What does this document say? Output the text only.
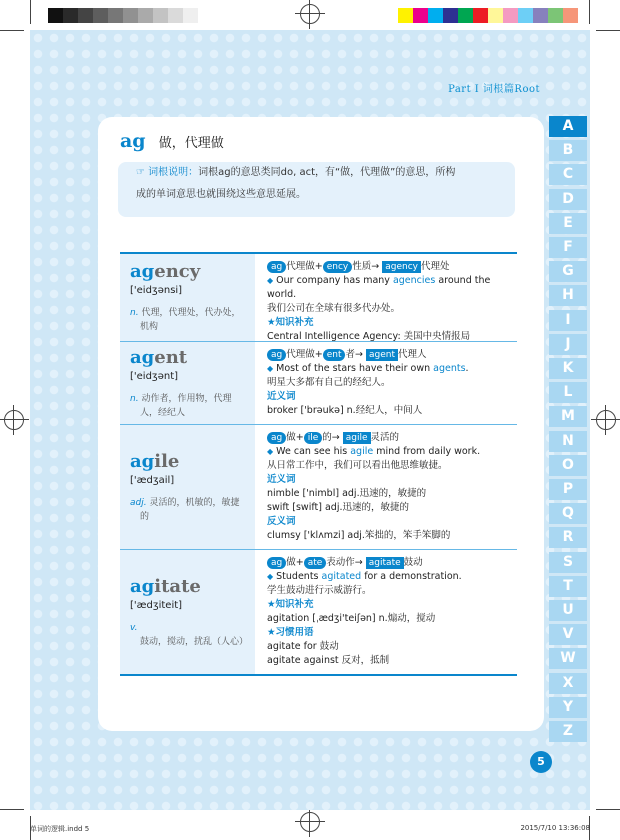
Part Ⅰ 词根篇Root
ag 做，代理做
☞ 词根说明：词根ag的意思类同do, act，有“做，代理做”的意思，所构
成的单词意思也就围绕这些意思延展。
agency
['eidʒənsi]
n. 代理，代理处，代办处，机构
ag 代理做+ ency 性质→ agency 代理处
◆ Our company has many agencies around the world.
我们公司在全球有很多代办处。
★知识补充
Central Intelligence Agency: 美国中央情报局
agent
['eidʒənt]
n. 动作者，作用物，代理人，经纪人
ag 代理做+ ent 者→ agent 代理人
◆ Most of the stars have their own agents.
明星大多都有自己的经纪人。
近义词
broker ['brəukə] n.经纪人，中间人
agile
['ædʒail]
adj. 灵活的，机敏的，敏捷的
ag 做+ ile 的→ agile 灵活的
◆ We can see his agile mind from daily work.
从日常工作中，我们可以看出他思维敏捷。
近义词
nimble ['nimbl] adj.迅速的，敏捷的
swift [swift] adj.迅速的，敏捷的
反义词
clumsy ['klʌmzi] adj.笨拙的，笨手笨脚的
agitate
['ædʒiteit]
v. 鼓动，搅动，扰乱（人心）
ag 做+ ate 表动作→ agitate 鼓动
◆ Students agitated for a demonstration.
学生鼓动进行示威游行。
★知识补充
agitation [ˌædʒi'teiʃən] n.煽动，搅动
★习惯用语
agitate for 鼓动
agitate against 反对，抵制
A
B
C
D
E
F
G
H
I
J
K
L
M
N
O
P
Q
R
S
T
U
V
W
X
Y
Z
5
单词的逻辑.indd 5	2015/7/10 13:36:08
